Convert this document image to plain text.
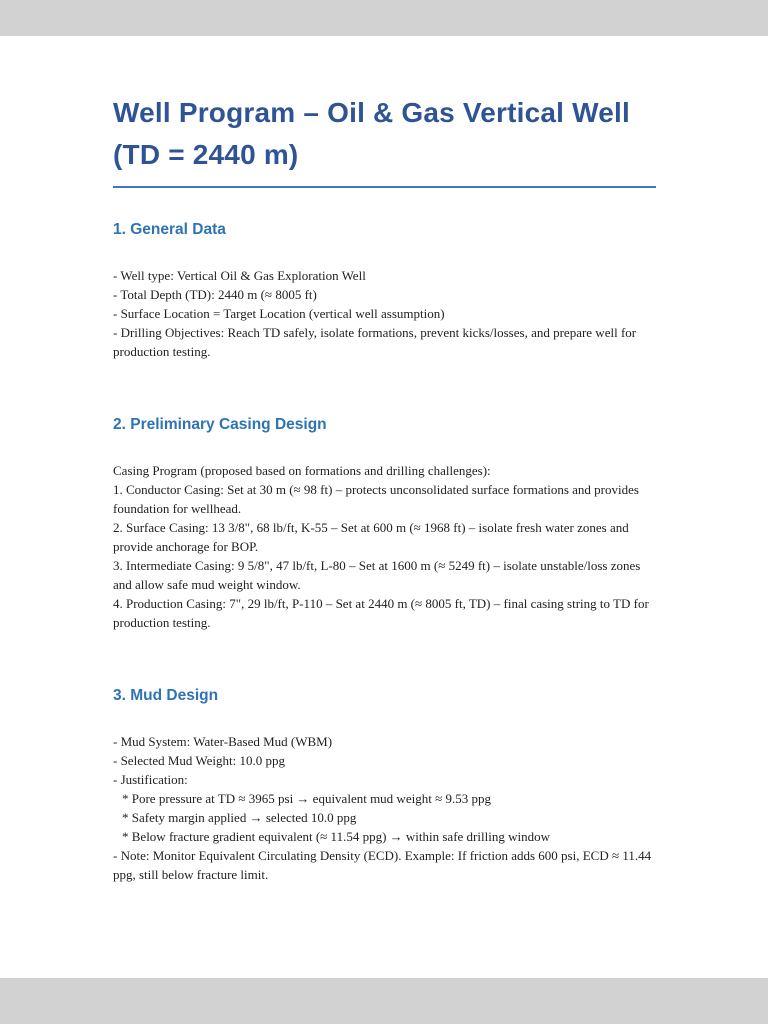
Well Program – Oil & Gas Vertical Well
(TD = 2440 m)
1. General Data

- Well type: Vertical Oil & Gas Exploration Well

- Total Depth (TD): 2440 m (≈ 8005 ft)

- Surface Location = Target Location (vertical well assumption)

- Drilling Objectives: Reach TD safely, isolate formations, prevent kicks/losses, and prepare well for production testing.

2. Preliminary Casing Design

Casing Program (proposed based on formations and drilling challenges):

1. Conductor Casing: Set at 30 m (≈ 98 ft) – protects unconsolidated surface formations and provides foundation for wellhead.

2. Surface Casing: 13 3/8", 68 lb/ft, K-55 – Set at 600 m (≈ 1968 ft) – isolate fresh water zones and provide anchorage for BOP.

3. Intermediate Casing: 9 5/8", 47 lb/ft, L-80 – Set at 1600 m (≈ 5249 ft) – isolate unstable/loss zones and allow safe mud weight window.

4. Production Casing: 7", 29 lb/ft, P-110 – Set at 2440 m (≈ 8005 ft, TD) – final casing string to TD for production testing.

3. Mud Design

- Mud System: Water-Based Mud (WBM)

- Selected Mud Weight: 10.0 ppg

- Justification:

* Pore pressure at TD ≈ 3965 psi → equivalent mud weight ≈ 9.53 ppg

* Safety margin applied → selected 10.0 ppg

* Below fracture gradient equivalent (≈ 11.54 ppg) → within safe drilling window

- Note: Monitor Equivalent Circulating Density (ECD). Example: If friction adds 600 psi, ECD ≈ 11.44 ppg, still below fracture limit.
